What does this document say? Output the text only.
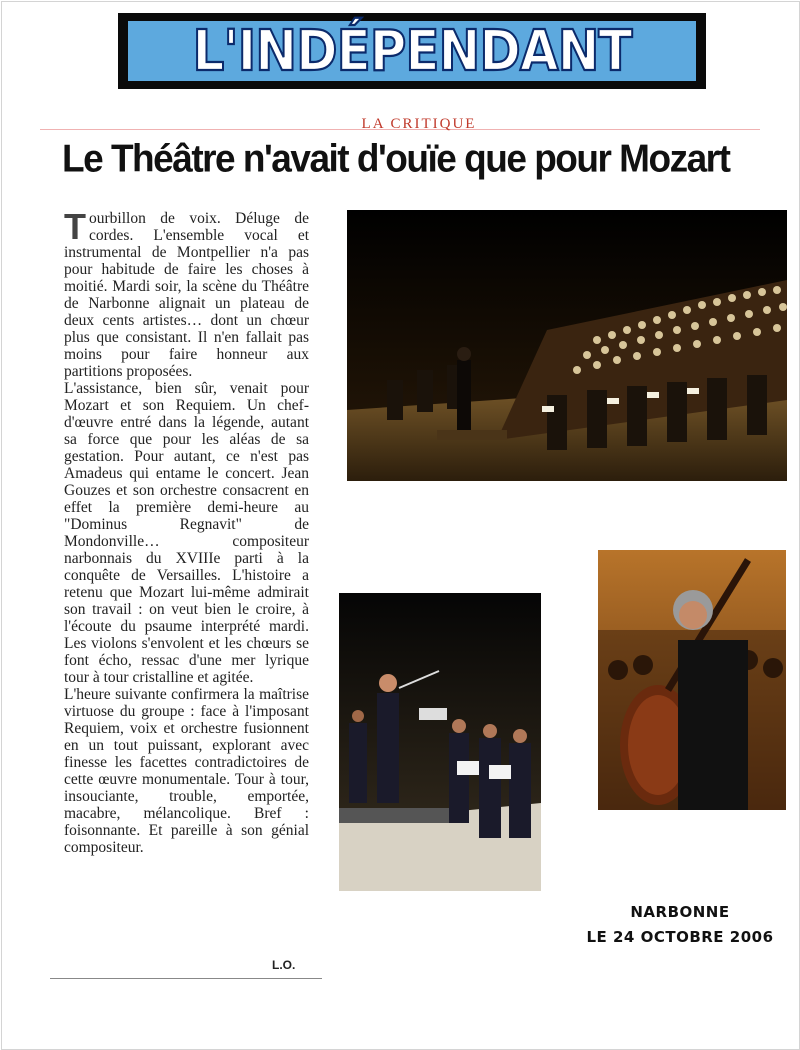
L'INDÉPENDANT
LA CRITIQUE
Le Théâtre n'avait d'ouïe que pour Mozart

Tourbillon de voix. Déluge de cordes. L'ensemble vocal et instrumental de Montpellier n'a pas pour habitude de faire les choses à moitié. Mardi soir, la scène du Théâtre de Narbonne alignait un plateau de deux cents artistes… dont un chœur plus que consistant. Il n'en fallait pas moins pour faire honneur aux partitions proposées.

L'assistance, bien sûr, venait pour Mozart et son Requiem. Un chef-d'œuvre entré dans la légende, autant sa force que pour les aléas de sa gestation. Pour autant, ce n'est pas Amadeus qui entame le concert. Jean Gouzes et son orchestre consacrent en effet la première demi-heure au "Dominus Regnavit" de Mondonville… compositeur narbonnais du XVIIIe parti à la conquête de Versailles. L'histoire a retenu que Mozart lui-même admirait son travail : on veut bien le croire, à l'écoute du psaume interprété mardi. Les violons s'envolent et les chœurs se font écho, ressac d'une mer lyrique tour à tour cristalline et agitée.

L'heure suivante confirmera la maîtrise virtuose du groupe : face à l'imposant Requiem, voix et orchestre fusionnent en un tout puissant, explorant avec finesse les facettes contradictoires de cette œuvre monumentale. Tour à tour, insouciante, trouble, emportée, macabre, mélancolique. Bref : foisonnante. Et pareille à son génial compositeur.

L.O.
NARBONNE
LE 24 OCTOBRE 2006
